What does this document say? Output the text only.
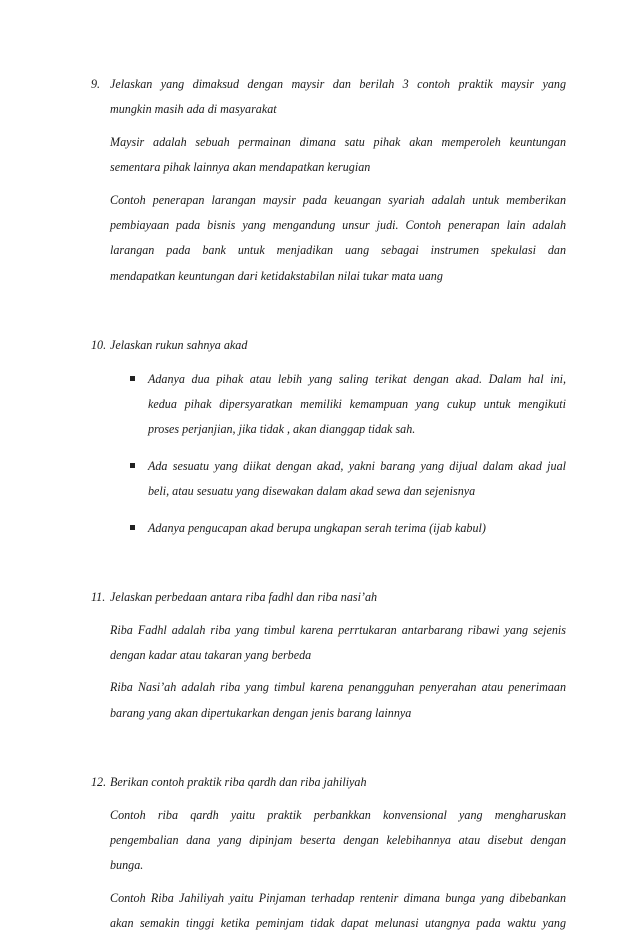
9. Jelaskan yang dimaksud dengan maysir dan berilah 3 contoh praktik maysir yang
mungkin masih ada di masyarakat
Maysir adalah sebuah permainan dimana satu pihak akan memperoleh keuntungan
sementara pihak lainnya akan mendapatkan kerugian
Contoh penerapan larangan maysir pada keuangan syariah adalah untuk memberikan
pembiayaan pada bisnis yang mengandung unsur judi. Contoh penerapan lain adalah
larangan pada bank untuk menjadikan uang sebagai instrumen spekulasi dan
mendapatkan keuntungan dari ketidakstabilan nilai tukar mata uang
10. Jelaskan rukun sahnya akad
Adanya dua pihak atau lebih yang saling terikat dengan akad. Dalam hal ini,
kedua pihak dipersyaratkan memiliki kemampuan yang cukup untuk mengikuti
proses perjanjian, jika tidak , akan dianggap tidak sah.
Ada sesuatu yang diikat dengan akad, yakni barang yang dijual dalam akad jual
beli, atau sesuatu yang disewakan dalam akad sewa dan sejenisnya
Adanya pengucapan akad berupa ungkapan serah terima (ijab kabul)
11. Jelaskan perbedaan antara riba fadhl dan riba nasi’ah
Riba Fadhl adalah riba yang timbul karena perrtukaran antarbarang ribawi yang sejenis
dengan kadar atau takaran yang berbeda
Riba Nasi’ah adalah riba yang timbul karena penangguhan penyerahan atau penerimaan
barang yang akan dipertukarkan dengan jenis barang lainnya
12. Berikan contoh praktik riba qardh dan riba jahiliyah
Contoh riba qardh yaitu praktik perbankkan konvensional yang mengharuskan
pengembalian dana yang dipinjam beserta dengan kelebihannya atau disebut dengan
bunga.
Contoh Riba Jahiliyah yaitu Pinjaman terhadap rentenir dimana bunga yang dibebankan
akan semakin tinggi ketika peminjam tidak dapat melunasi utangnya pada waktu yang
